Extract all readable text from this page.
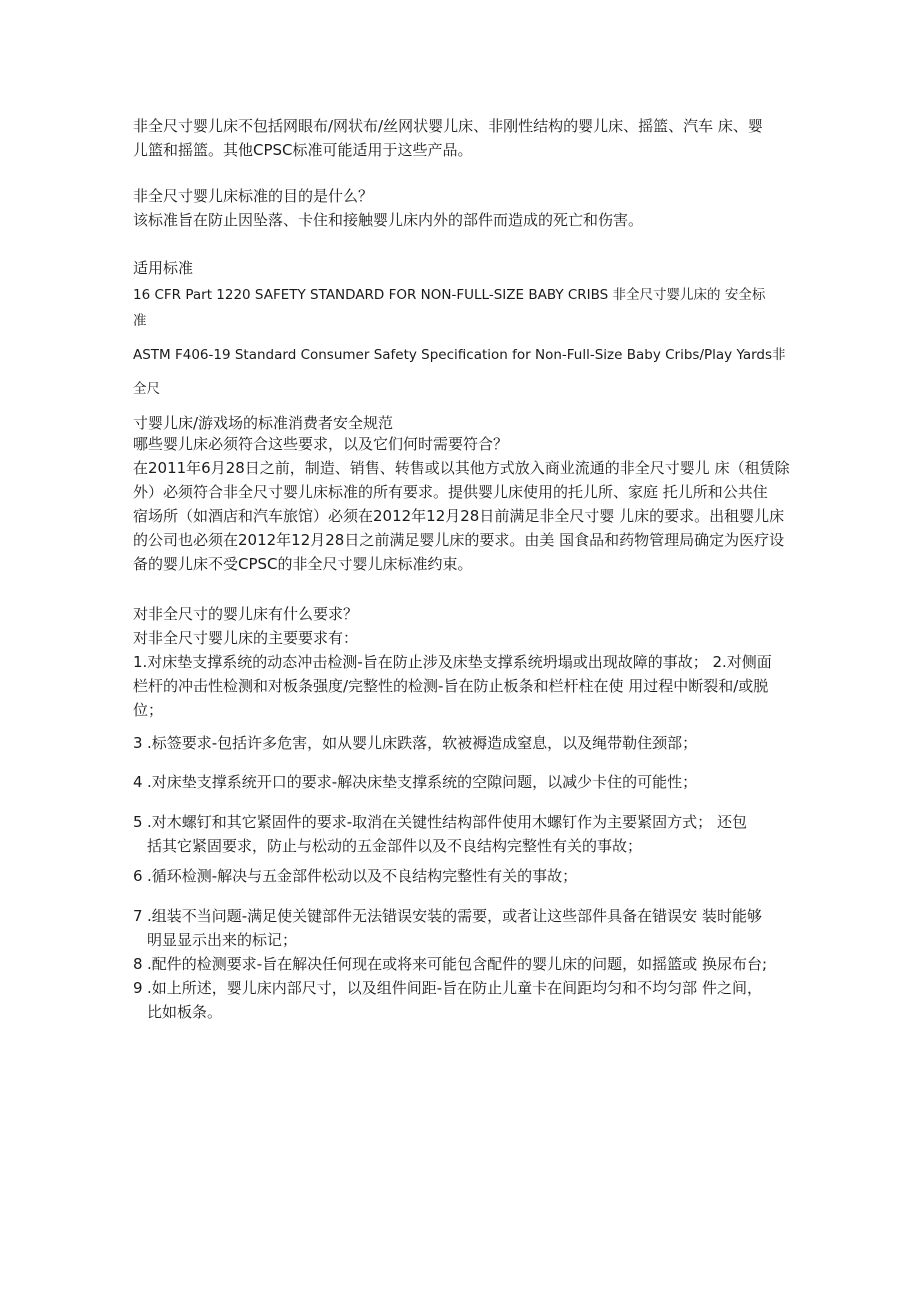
非全尺寸婴儿床不包括网眼布/网状布/丝网状婴儿床、非刚性结构的婴儿床、摇篮、汽车 床、婴
儿篮和摇篮。其他CPSC标准可能适用于这些产品。
非全尺寸婴儿床标准的目的是什么？
该标准旨在防止因坠落、卡住和接触婴儿床内外的部件而造成的死亡和伤害。
适用标准
16 CFR Part 1220 SAFETY STANDARD FOR NON-FULL-SIZE BABY CRIBS 非全尺寸婴儿床的 安全标
准
ASTM F406-19 Standard Consumer Safety Specification for Non-Full-Size Baby Cribs/Play Yards非全尺
寸婴儿床/游戏场的标准消费者安全规范
哪些婴儿床必须符合这些要求，以及它们何时需要符合？
在2011年6月28日之前，制造、销售、转售或以其他方式放入商业流通的非全尺寸婴儿 床（租赁除
外）必须符合非全尺寸婴儿床标准的所有要求。提供婴儿床使用的托儿所、家庭 托儿所和公共住
宿场所（如酒店和汽车旅馆）必须在2012年12月28日前满足非全尺寸婴 儿床的要求。出租婴儿床
的公司也必须在2012年12月28日之前满足婴儿床的要求。由美 国食品和药物管理局确定为医疗设
备的婴儿床不受CPSC的非全尺寸婴儿床标准约束。
对非全尺寸的婴儿床有什么要求？
对非全尺寸婴儿床的主要要求有：
1.对床垫支撑系统的动态冲击检测-旨在防止涉及床垫支撑系统坍塌或出现故障的事故； 2.对侧面
栏杆的冲击性检测和对板条强度/完整性的检测-旨在防止板条和栏杆柱在使 用过程中断裂和/或脱
位；
3 .标签要求-包括许多危害，如从婴儿床跌落，软被褥造成窒息，以及绳带勒住颈部；
4 .对床垫支撑系统开口的要求-解决床垫支撑系统的空隙问题，以减少卡住的可能性；
5 .对木螺钉和其它紧固件的要求-取消在关键性结构部件使用木螺钉作为主要紧固方式； 还包
括其它紧固要求，防止与松动的五金部件以及不良结构完整性有关的事故；
6 .循环检测-解决与五金部件松动以及不良结构完整性有关的事故；
7 .组装不当问题-满足使关键部件无法错误安装的需要，或者让这些部件具备在错误安 装时能够
明显显示出来的标记；
8 .配件的检测要求-旨在解决任何现在或将来可能包含配件的婴儿床的问题，如摇篮或 换尿布台;
9 .如上所述，婴儿床内部尺寸，以及组件间距-旨在防止儿童卡在间距均匀和不均匀部 件之间，
比如板条。
